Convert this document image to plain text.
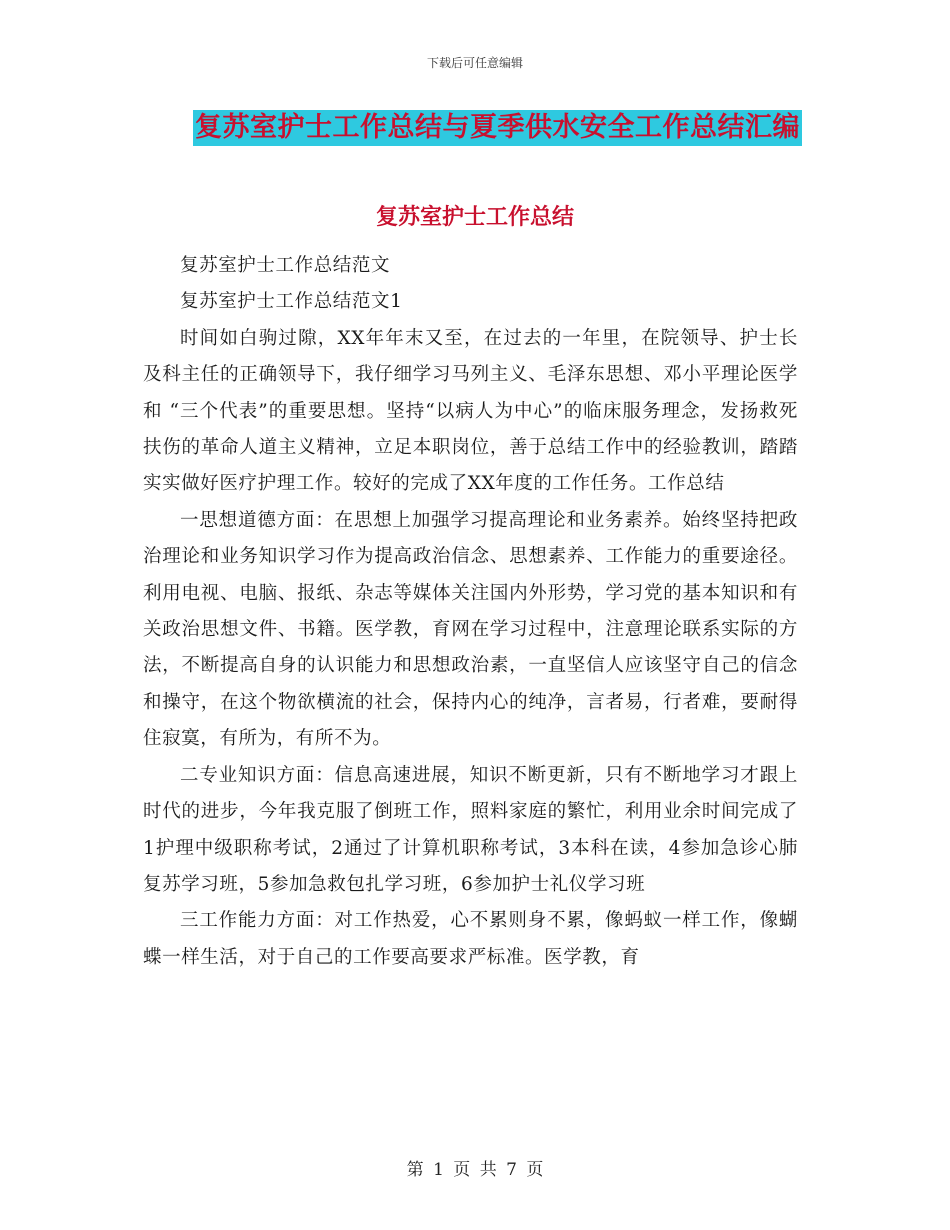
下载后可任意编辑
复苏室护士工作总结与夏季供水安全工作总结汇编
复苏室护士工作总结

复苏室护士工作总结范文

复苏室护士工作总结范文1

时间如白驹过隙，XX年年末又至，在过去的一年里，在院领导、护士长及科主任的正确领导下，我仔细学习马列主义、毛泽东思想、邓小平理论医学和 “三个代表”的重要思想。坚持“以病人为中心”的临床服务理念，发扬救死扶伤的革命人道主义精神，立足本职岗位，善于总结工作中的经验教训，踏踏实实做好医疗护理工作。较好的完成了XX年度的工作任务。工作总结

一思想道德方面：在思想上加强学习提高理论和业务素养。始终坚持把政治理论和业务知识学习作为提高政治信念、思想素养、工作能力的重要途径。利用电视、电脑、报纸、杂志等媒体关注国内外形势，学习党的基本知识和有关政治思想文件、书籍。医学教，育网在学习过程中，注意理论联系实际的方法，不断提高自身的认识能力和思想政治素，一直坚信人应该坚守自己的信念和操守，在这个物欲横流的社会，保持内心的纯净，言者易，行者难，要耐得住寂寞，有所为，有所不为。

二专业知识方面：信息高速进展，知识不断更新，只有不断地学习才跟上时代的进步，今年我克服了倒班工作，照料家庭的繁忙，利用业余时间完成了1护理中级职称考试，2通过了计算机职称考试，3本科在读，4参加急诊心肺复苏学习班，5参加急救包扎学习班，6参加护士礼仪学习班

三工作能力方面：对工作热爱，心不累则身不累，像蚂蚁一样工作，像蝴蝶一样生活，对于自己的工作要高要求严标准。医学教，育

第 1 页 共 7 页
